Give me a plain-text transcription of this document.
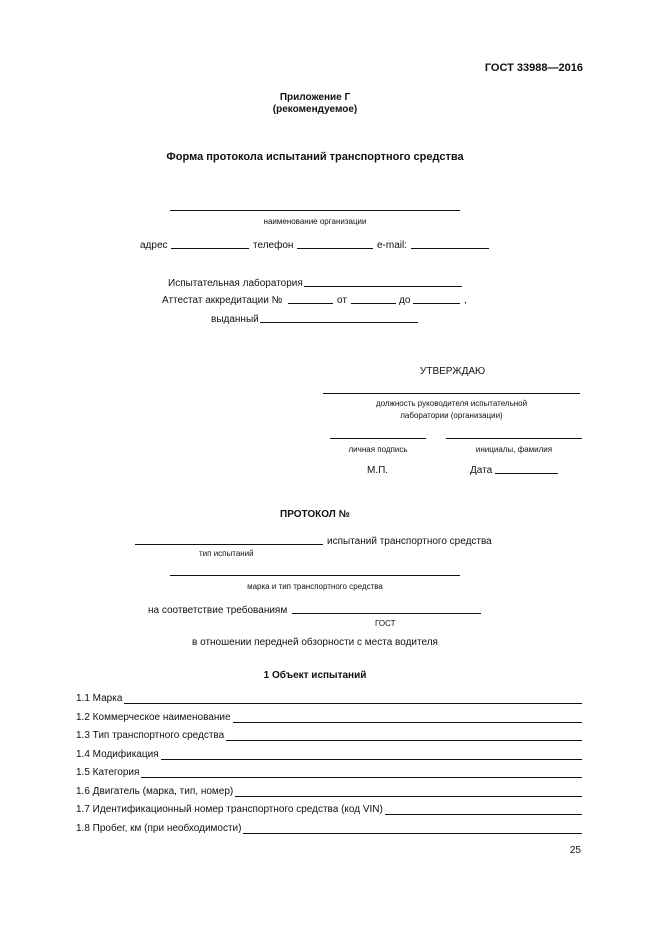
ГОСТ 33988—2016
Приложение Г
(рекомендуемое)
Форма протокола испытаний транспортного средства
наименование организации
адрес	телефон	e-mail:
Испытательная лаборатория
Аттестат аккредитации №	от	до	,
выданный
УТВЕРЖДАЮ
должность руководителя испытательной
лаборатории (организации)
личная подпись	инициалы, фамилия
М.П.	Дата
ПРОТОКОЛ №
испытаний транспортного средства
тип испытаний
марка и тип транспортного средства
на соответствие требованиям
ГОСТ
в отношении передней обзорности с места водителя
1 Объект испытаний
1.1 Марка
1.2 Коммерческое наименование
1.3 Тип транспортного средства
1.4 Модификация
1.5 Категория
1.6 Двигатель (марка, тип, номер)
1.7 Идентификационный номер транспортного средства (код VIN)
1.8 Пробег, км (при необходимости)
25
